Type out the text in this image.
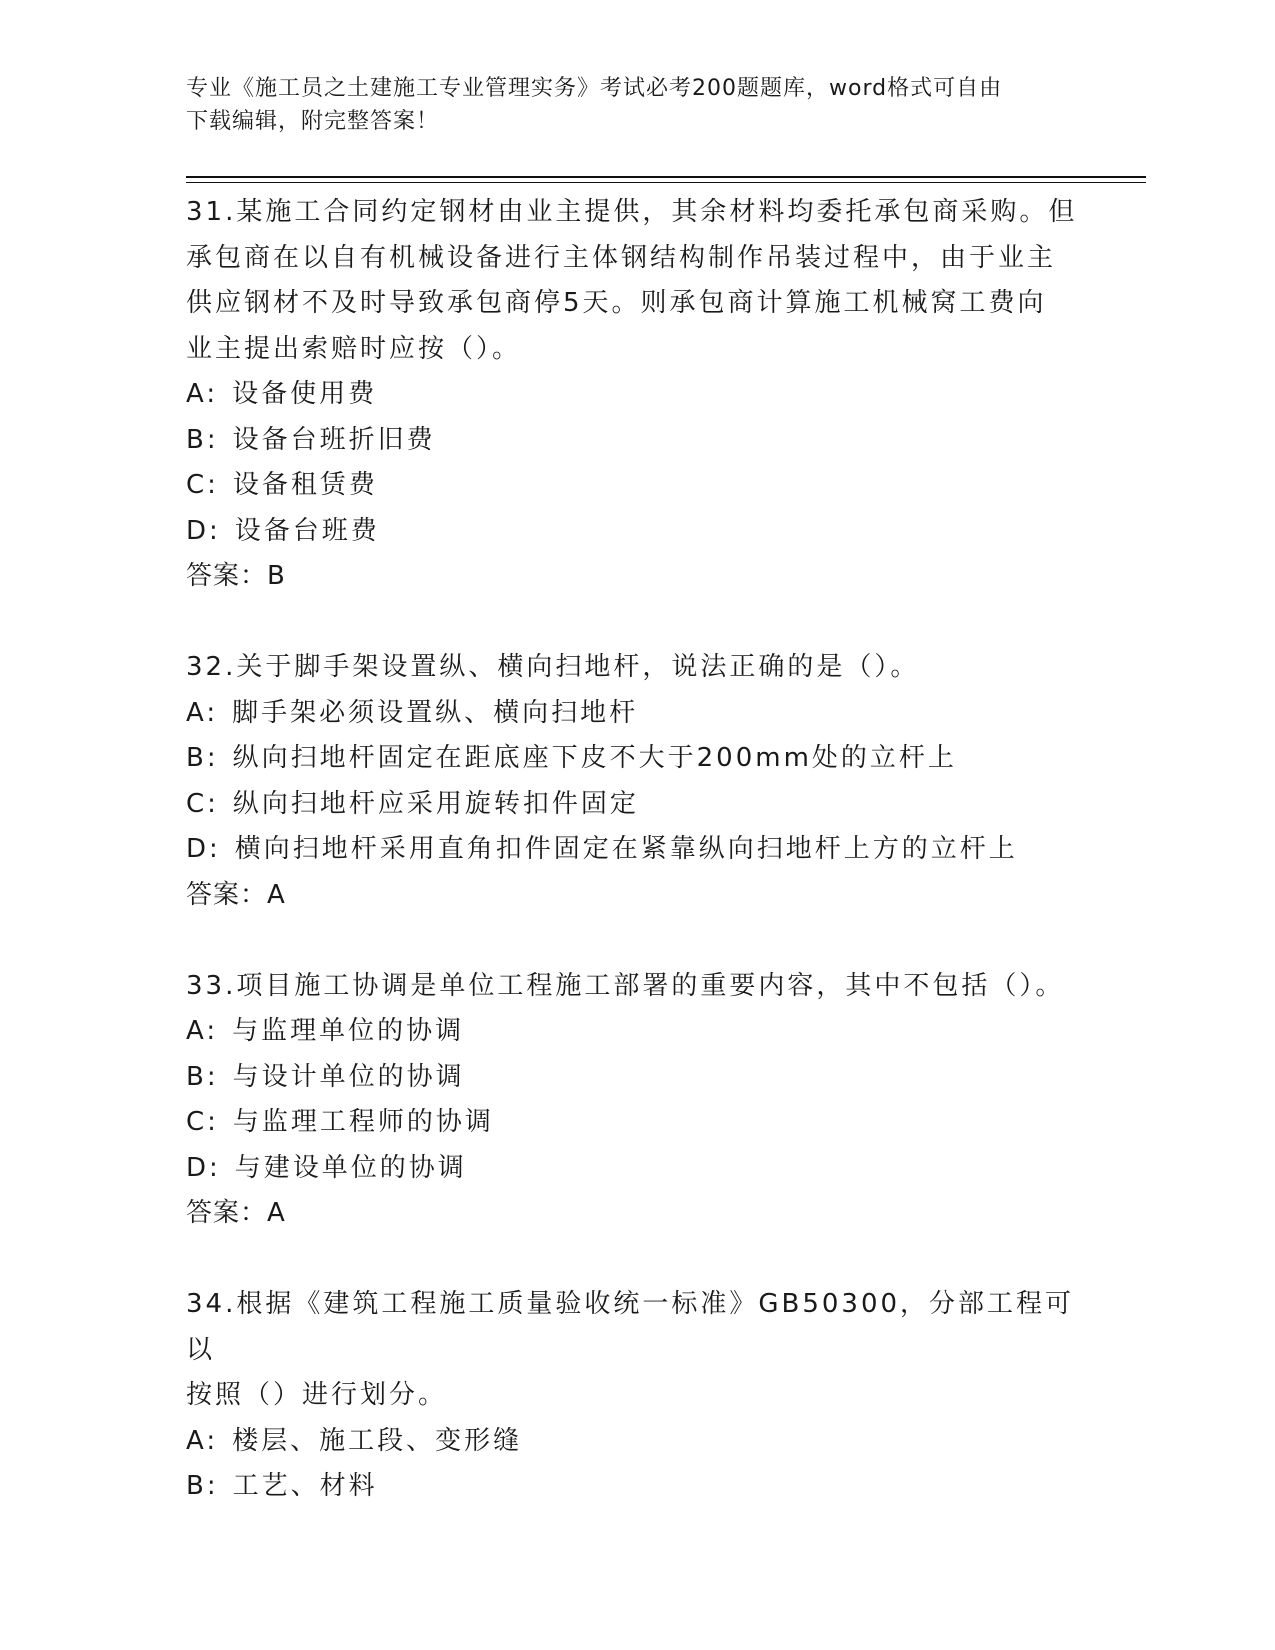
专业《施工员之土建施工专业管理实务》考试必考200题题库，word格式可自由
下载编辑，附完整答案！

31.某施工合同约定钢材由业主提供，其余材料均委托承包商采购。但

承包商在以自有机械设备进行主体钢结构制作吊装过程中，由于业主

供应钢材不及时导致承包商停5天。则承包商计算施工机械窝工费向

业主提出索赔时应按（）。

A: 设备使用费

B: 设备台班折旧费

C: 设备租赁费

D: 设备台班费

答案：B

32.关于脚手架设置纵、横向扫地杆，说法正确的是（）。

A: 脚手架必须设置纵、横向扫地杆

B: 纵向扫地杆固定在距底座下皮不大于200mm处的立杆上

C: 纵向扫地杆应采用旋转扣件固定

D: 横向扫地杆采用直角扣件固定在紧靠纵向扫地杆上方的立杆上

答案：A

33.项目施工协调是单位工程施工部署的重要内容，其中不包括（）。

A: 与监理单位的协调

B: 与设计单位的协调

C: 与监理工程师的协调

D: 与建设单位的协调

答案：A

34.根据《建筑工程施工质量验收统一标准》GB50300，分部工程可以

按照（）进行划分。

A: 楼层、施工段、变形缝

B: 工艺、材料
